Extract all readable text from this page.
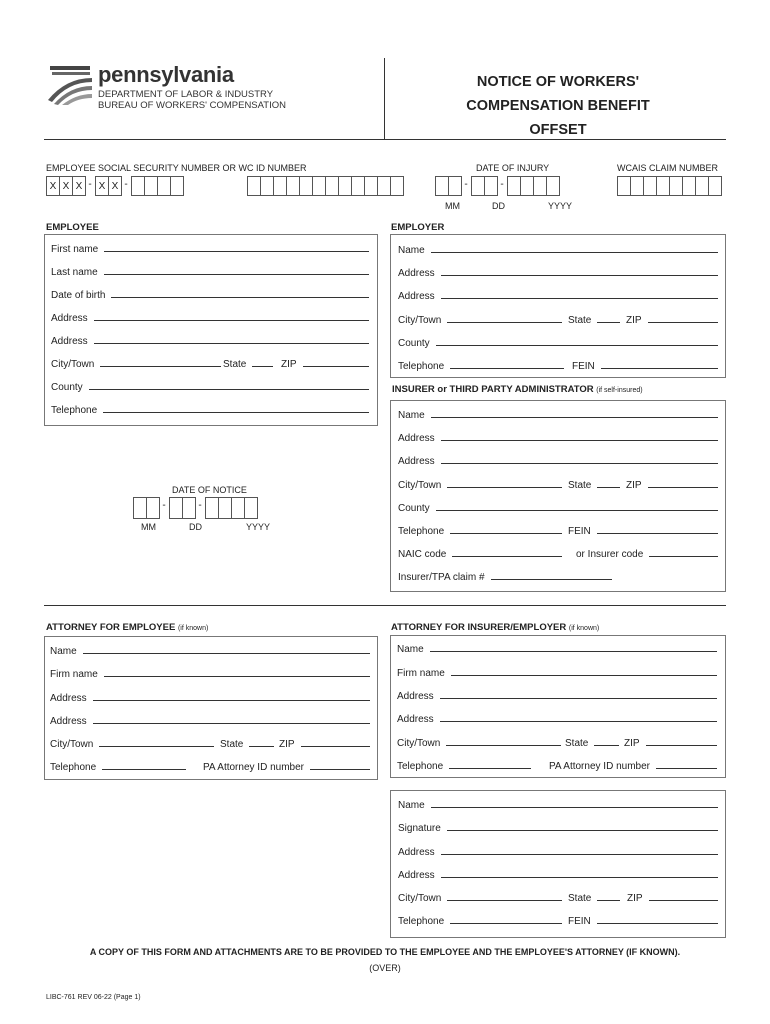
pennsylvania
DEPARTMENT OF LABOR & INDUSTRY
BUREAU OF WORKERS' COMPENSATION
NOTICE OF WORKERS'
COMPENSATION BENEFIT
OFFSET
EMPLOYEE SOCIAL SECURITY NUMBER OR WC ID NUMBER
X X X - X X -
DATE OF INJURY
-	-
MM	DD	YYYY
WCAIS CLAIM NUMBER
EMPLOYEE
First name
Last name
Date of birth
Address
Address
City/Town	State	ZIP
County
Telephone
DATE OF NOTICE
-	-
MM	DD	YYYY
EMPLOYER
Name
Address
Address
City/Town	State	ZIP
County
Telephone	FEIN
INSURER or THIRD PARTY ADMINISTRATOR (if self-insured)
Name
Address
Address
City/Town	State	ZIP
County
Telephone	FEIN
NAIC code	or Insurer code
Insurer/TPA claim #
ATTORNEY FOR EMPLOYEE (if known)
Name
Firm name
Address
Address
City/Town	State	ZIP
Telephone	PA Attorney ID number
ATTORNEY FOR INSURER/EMPLOYER (if known)
Name
Firm name
Address
Address
City/Town	State	ZIP
Telephone	PA Attorney ID number
Name
Signature
Address
Address
City/Town	State	ZIP
Telephone	FEIN
A COPY OF THIS FORM AND ATTACHMENTS ARE TO BE PROVIDED TO THE EMPLOYEE AND THE EMPLOYEE'S ATTORNEY (IF KNOWN).
(OVER)
LIBC-761 REV 06-22 (Page 1)
